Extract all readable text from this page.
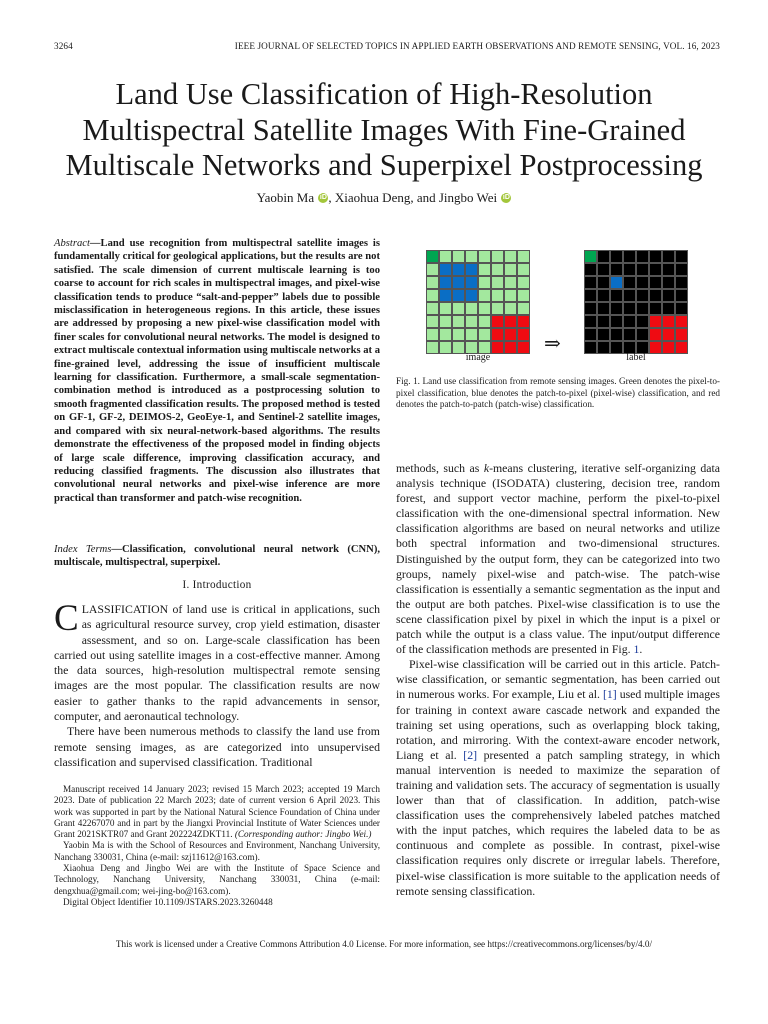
3264	IEEE JOURNAL OF SELECTED TOPICS IN APPLIED EARTH OBSERVATIONS AND REMOTE SENSING, VOL. 16, 2023
Land Use Classification of High-Resolution
Multispectral Satellite Images With Fine-Grained
Multiscale Networks and Superpixel Postprocessing
Yaobin Ma iD , Xiaohua Deng, and Jingbo Wei iD
Abstract—Land use recognition from multispectral satellite images is fundamentally critical for geological applications, but the results are not satisfied. The scale dimension of current multiscale learning is too coarse to account for rich scales in multispectral images, and pixel-wise classification tends to produce “salt-and-pepper” labels due to possible misclassification in heterogeneous regions. In this article, these issues are addressed by proposing a new pixel-wise classification model with finer scales for convolutional neural networks. The model is designed to extract multiscale contextual information using multiscale networks at a fine-grained level, addressing the issue of insufficient multiscale learning for classification. Furthermore, a small-scale segmentation-combination method is introduced as a postprocessing solution to smooth fragmented classification results. The proposed method is tested on GF-1, GF-2, DEIMOS-2, GeoEye-1, and Sentinel-2 satellite images, and compared with six neural-network-based algorithms. The results demonstrate the effectiveness of the proposed model in finding objects of large scale difference, improving classification accuracy, and reducing classified fragments. The discussion also illustrates that convolutional neural networks and pixel-wise inference are more practical than transformer and patch-wise recognition.
Index Terms—Classification, convolutional neural network (CNN), multiscale, multispectral, superpixel.
I. Introduction

CLASSIFICATION of land use is critical in applications, such as agricultural resource survey, crop yield estimation, disaster assessment, and so on. Large-scale classification has been carried out using satellite images in a cost-effective manner. Among the data sources, high-resolution multispectral remote sensing images are the most popular. The classification results are now easier to gather thanks to the rapid advancements in sensor, computer, and aeronautical technology.

There have been numerous methods to classify the land use from remote sensing images, as are categorized into unsupervised classification and supervised classification. Traditional

Manuscript received 14 January 2023; revised 15 March 2023; accepted 19 March 2023. Date of publication 22 March 2023; date of current version 6 April 2023. This work was supported in part by the National Natural Science Foundation of China under Grant 42267070 and in part by the Jiangxi Provincial Institute of Water Sciences under Grant 2021SKTR07 and Grant 202224ZDKT11. (Corresponding author: Jingbo Wei.)

Yaobin Ma is with the School of Resources and Environment, Nanchang University, Nanchang 330031, China (e-mail: szj11612@163.com).

Xiaohua Deng and Jingbo Wei are with the Institute of Space Science and Technology, Nanchang University, Nanchang 330031, China (e-mail: dengxhua@gmail.com; wei-jing-bo@163.com).

Digital Object Identifier 10.1109/JSTARS.2023.3260448

image	label
⇒
Fig. 1. Land use classification from remote sensing images. Green denotes the pixel-to-pixel classification, blue denotes the patch-to-pixel (pixel-wise) classification, and red denotes the patch-to-patch (patch-wise) classification.

methods, such as k-means clustering, iterative self-organizing data analysis technique (ISODATA) clustering, decision tree, random forest, and support vector machine, perform the pixel-to-pixel classification with the one-dimensional spectral information. New classification algorithms are based on neural networks and utilize both spectral information and two-dimensional structures. Distinguished by the output form, they can be categorized into two groups, namely pixel-wise and patch-wise. The patch-wise classification is essentially a semantic segmentation as the input and the output are both patches. Pixel-wise classification is to use the scene classification pixel by pixel in which the input is a pixel or patch while the output is a class value. The input/output difference of the classification methods are presented in Fig. 1.

Pixel-wise classification will be carried out in this article. Patch-wise classification, or semantic segmentation, has been carried out in numerous works. For example, Liu et al. [1] used multiple images for training in context aware cascade network and expanded the training set using operations, such as overlapping block taking, rotation, and mirroring. With the context-aware encoder network, Liang et al. [2] presented a patch sampling strategy, in which manual intervention is needed to maximize the separation of training and validation sets. The accuracy of segmentation is usually lower than that of classification. In addition, patch-wise classification uses the comprehensively labeled patches matched with the input patches, which requires the labeled data to be as continuous and complete as possible. In contrast, pixel-wise classification requires only discrete or irregular labels. Therefore, pixel-wise classification is more suitable to the application needs of remote sensing classification.

This work is licensed under a Creative Commons Attribution 4.0 License. For more information, see https://creativecommons.org/licenses/by/4.0/
